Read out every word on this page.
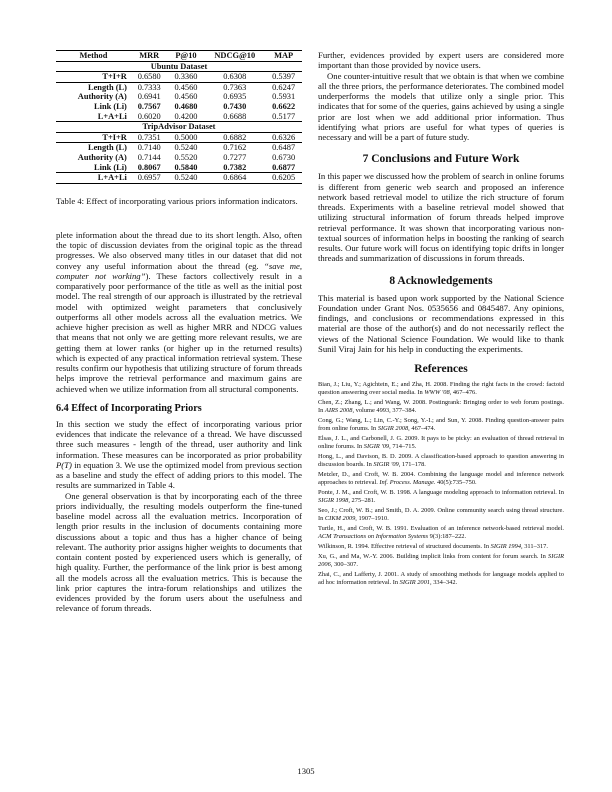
Method	MRR	P@10	NDCG@10	MAP
Ubuntu Dataset				
T+I+R	0.6580	0.3360	0.6308	0.5397
Length (L)	0.7333	0.4560	0.7363	0.6247
Authority (A)	0.6941	0.4560	0.6935	0.5931
Link (Li)	0.7567	0.4680	0.7430	0.6622
L+A+Li	0.6020	0.4200	0.6688	0.5177
TripAdvisor Dataset				
T+I+R	0.7351	0.5000	0.6882	0.6326
Length (L)	0.7140	0.5240	0.7162	0.6487
Authority (A)	0.7144	0.5520	0.7277	0.6730
Link (Li)	0.8067	0.5840	0.7382	0.6877
L+A+Li	0.6957	0.5240	0.6864	0.6205

Table 4: Effect of incorporating various priors information indicators.

plete information about the thread due to its short length. Also, often the topic of discussion deviates from the original topic as the thread progresses. We also observed many titles in our dataset that did not convey any useful information about the thread (eg. “save me, computer not working”). These factors collectively result in a comparatively poor performance of the title as well as the initial post model. The real strength of our approach is illustrated by the retrieval model with optimized weight parameters that conclusively outperforms all other models across all the evaluation metrics. We achieve higher precision as well as higher MRR and NDCG values that means that not only we are getting more relevant results, we are getting them at lower ranks (or higher up in the returned results) which is expected of any practical information retrieval system. These results confirm our hypothesis that utilizing structure of forum threads helps improve the retrieval performance and maximum gains are achieved when we utilize information from all structural components.

6.4 Effect of Incorporating Priors

In this section we study the effect of incorporating various prior evidences that indicate the relevance of a thread. We have discussed three such measures - length of the thread, user authority and link information. These measures can be incorporated as prior probability P(T) in equation 3. We use the optimized model from previous section as a baseline and study the effect of adding priors to this model. The results are summarized in Table 4.

One general observation is that by incorporating each of the three priors individually, the resulting models outperform the fine-tuned baseline model across all the evaluation metrics. Incorporation of length prior results in the inclusion of documents containing more discussions about a topic and thus has a higher chance of being relevant. The authority prior assigns higher weights to documents that contain content posted by experienced users which is generally, of high quality. Further, the performance of the link prior is best among all the models across all the evaluation metrics. This is because the link prior captures the intra-forum relationships and utilizes the evidences provided by the forum users about the usefulness and relevance of forum threads.

Further, evidences provided by expert users are considered more important than those provided by novice users.

One counter-intuitive result that we obtain is that when we combine all the three priors, the performance deteriorates. The combined model underperforms the models that utilize only a single prior. This indicates that for some of the queries, gains achieved by using a single prior are lost when we add additional prior information. Thus identifying what priors are useful for what types of queries is necessary and will be a part of future study.

7 Conclusions and Future Work

In this paper we discussed how the problem of search in online forums is different from generic web search and proposed an inference network based retrieval model to utilize the rich structure of forum threads. Experiments with a baseline retrieval model showed that utilizing structural information of forum threads helped improve retrieval performance. It was shown that incorporating various non-textual sources of information helps in boosting the ranking of search results. Our future work will focus on identifying topic drifts in longer threads and summarization of discussions in forum threads.

8 Acknowledgements

This material is based upon work supported by the National Science Foundation under Grant Nos. 0535656 and 0845487. Any opinions, findings, and conclusions or recommendations expressed in this material are those of the author(s) and do not necessarily reflect the views of the National Science Foundation. We would like to thank Sunil Viraj Jain for his help in conducting the experiments.

References

Bian, J.; Liu, Y.; Agichtein, E.; and Zha, H. 2008. Finding the right facts in the crowd: factoid question answering over social media. In WWW '08, 467–476.

Chen, Z.; Zhang, L.; and Wang, W. 2008. Postingrank: Bringing order to web forum postings. In AIRS 2008, volume 4993, 377–384.

Cong, G.; Wang, L.; Lin, C.-Y.; Song, Y.-I.; and Sun, Y. 2008. Finding question-answer pairs from online forums. In SIGIR 2008, 467–474.

Elsas, J. L., and Carbonell, J. G. 2009. It pays to be picky: an evaluation of thread retrieval in online forums. In SIGIR '09, 714–715.

Hong, L., and Davison, B. D. 2009. A classification-based approach to question answering in discussion boards. In SIGIR '09, 171–178.

Metzler, D., and Croft, W. B. 2004. Combining the language model and inference network approaches to retrieval. Inf. Process. Manage. 40(5):735–750.

Ponte, J. M., and Croft, W. B. 1998. A language modeling approach to information retrieval. In SIGIR 1998, 275–281.

Seo, J.; Croft, W. B.; and Smith, D. A. 2009. Online community search using thread structure. In CIKM 2009, 1907–1910.

Turtle, H., and Croft, W. B. 1991. Evaluation of an inference network-based retrieval model. ACM Transactions on Information Systems 9(3):187–222.

Wilkinson, R. 1994. Effective retrieval of structured documents. In SIGIR 1994, 311–317.

Xu, G., and Ma, W.-Y. 2006. Building implicit links from content for forum search. In SIGIR 2006, 300–307.

Zhai, C., and Lafferty, J. 2001. A study of smoothing methods for language models applied to ad hoc information retrieval. In SIGIR 2001, 334–342.

1305
